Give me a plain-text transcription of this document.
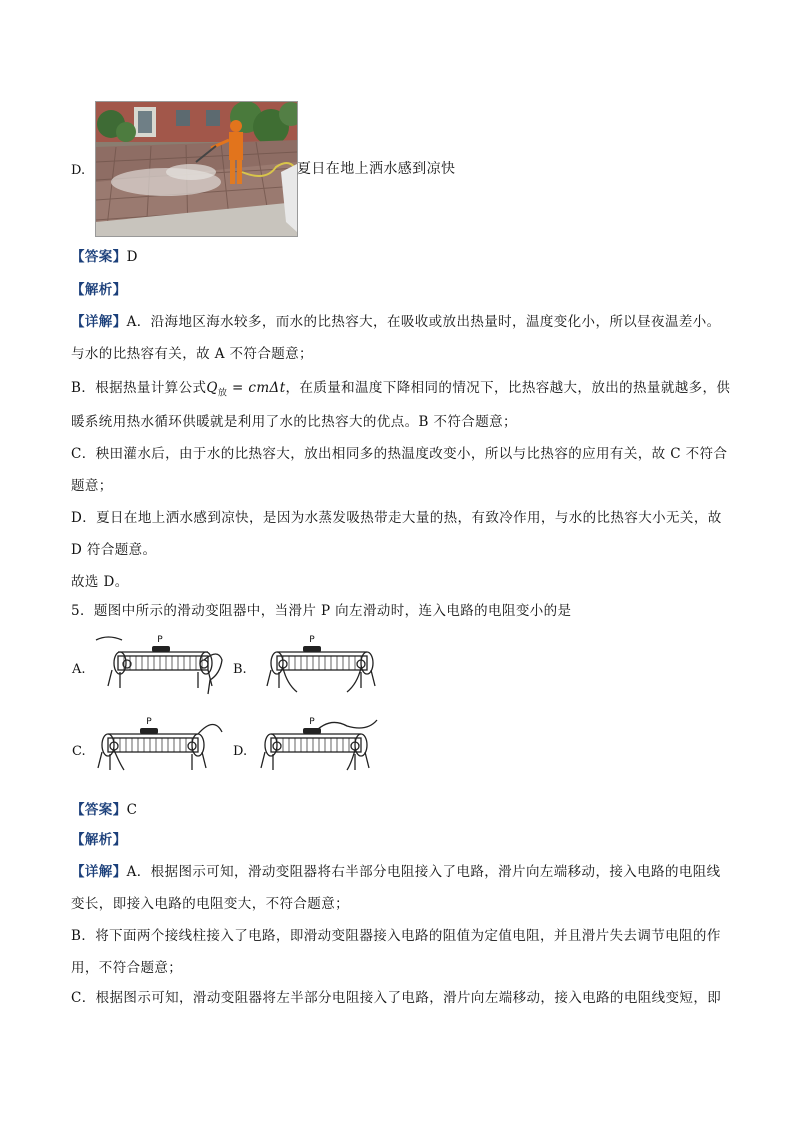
D.	夏日在地上洒水感到凉快
【答案】D
【解析】
【详解】A．沿海地区海水较多，而水的比热容大，在吸收或放出热量时，温度变化小，所以昼夜温差小。
与水的比热容有关，故 A 不符合题意；
B．根据热量计算公式$Q_放 = cm\Delta t$，在质量和温度下降相同的情况下，比热容越大，放出的热量就越多，供
暖系统用热水循环供暖就是利用了水的比热容大的优点。B 不符合题意；
C．秧田灌水后，由于水的比热容大，放出相同多的热温度改变小，所以与比热容的应用有关，故 C 不符合
题意；
D．夏日在地上洒水感到凉快，是因为水蒸发吸热带走大量的热，有致冷作用，与水的比热容大小无关，故
D 符合题意。
故选 D。
5．题图中所示的滑动变阻器中，当滑片 P 向左滑动时，连入电路的电阻变小的是
A.	B.
C.	D.
P	P
P	P
【答案】C
【解析】
【详解】A．根据图示可知，滑动变阻器将右半部分电阻接入了电路，滑片向左端移动，接入电路的电阻线
变长，即接入电路的电阻变大，不符合题意；
B．将下面两个接线柱接入了电路，即滑动变阻器接入电路的阻值为定值电阻，并且滑片失去调节电阻的作
用，不符合题意；
C．根据图示可知，滑动变阻器将左半部分电阻接入了电路，滑片向左端移动，接入电路的电阻线变短，即
